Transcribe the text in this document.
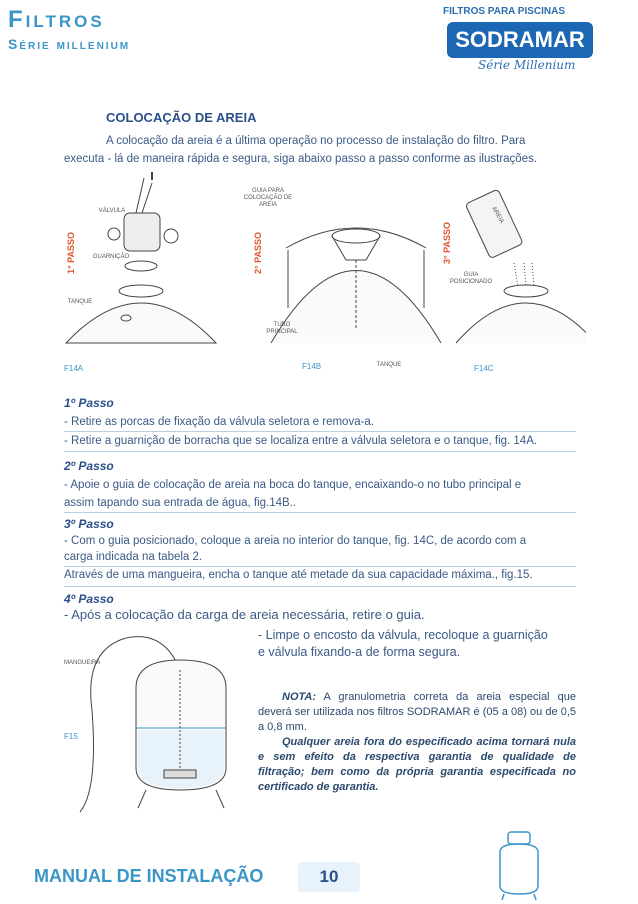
Filtros
Série millenium
FILTROS PARA PISCINAS
SODRAMAR
Série Millenium
COLOCAÇÃO DE AREIA
A colocação da areia é a última operação no processo de instalação do filtro. Para
executa - lá de maneira rápida e segura, siga abaixo passo a passo conforme as ilustrações.
1° PASSO	2° PASSO	3° PASSO
VÁLVULA
GUARNIÇÃO
TANQUE
GUIA PARA COLOCAÇÃO DE AREIA
TUBO PRINCIPAL
TANQUE
AREIA
GUIA POSICIONADO
F14A	F14B	F14C
1º Passo
- Retire as porcas de fixação da válvula seletora e remova-a.
- Retire a guarnição de borracha que se localiza entre a válvula seletora e o tanque, fig. 14A.
2º Passo
- Apoie o guia de colocação de areia na boca do tanque, encaixando-o no tubo principal e
assim tapando sua entrada de água, fig.14B..
3º Passo
- Com o guia posicionado, coloque a areia no interior do tanque, fig. 14C, de acordo com a
carga indicada na tabela 2.
Através de uma mangueira, encha o tanque até metade da sua capacidade máxima., fig.15.
4º Passo
- Após a colocação da carga de areia necessária, retire o guia.
- Limpe o encosto da válvula, recoloque a guarnição
e válvula fixando-a de forma segura.
MANGUEIRA
F15
NOTA: A granulometria correta da areia especial que deverá ser utilizada nos filtros SODRAMAR é (05 a 08) ou de 0,5 a 0,8 mm.
Qualquer areia fora do especificado acima tornará nula e sem efeito da respectiva garantia de qualidade de filtração; bem como da própria garantia especificada no certificado de garantia.
MANUAL DE INSTALAÇÃO	10
